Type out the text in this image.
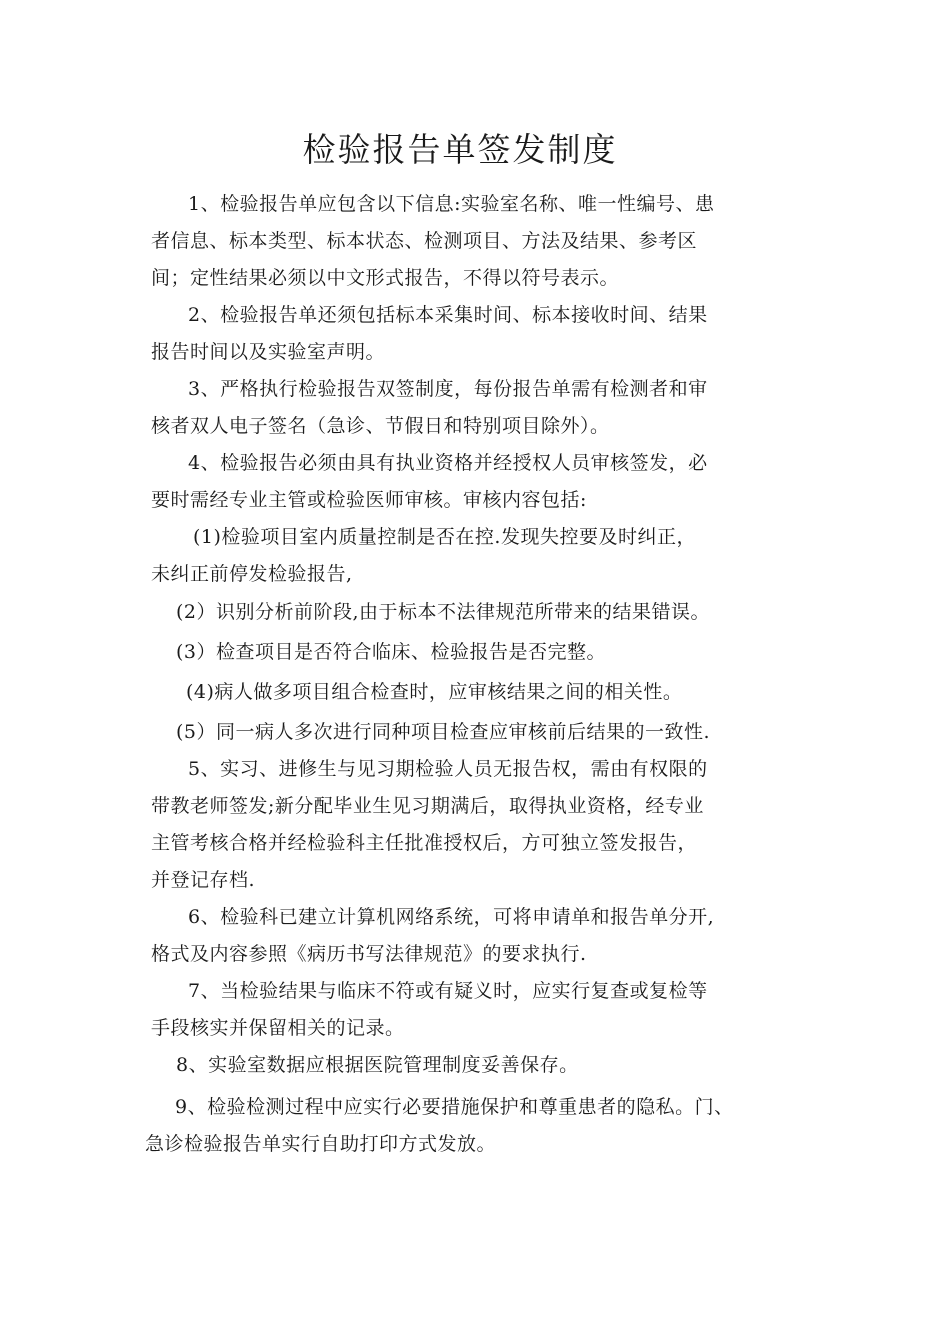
检验报告单签发制度
1、检验报告单应包含以下信息:实验室名称、唯一性编号、患
者信息、标本类型、标本状态、检测项目、方法及结果、参考区
间；定性结果必须以中文形式报告，不得以符号表示。
2、检验报告单还须包括标本采集时间、标本接收时间、结果
报告时间以及实验室声明。
3、严格执行检验报告双签制度，每份报告单需有检测者和审
核者双人电子签名（急诊、节假日和特别项目除外）。
4、检验报告必须由具有执业资格并经授权人员审核签发，必
要时需经专业主管或检验医师审核。审核内容包括:
(1)检验项目室内质量控制是否在控.发现失控要及时纠正，
未纠正前停发检验报告,
(2）识别分析前阶段,由于标本不法律规范所带来的结果错误。
(3）检查项目是否符合临床、检验报告是否完整。
(4)病人做多项目组合检查时，应审核结果之间的相关性。
(5）同一病人多次进行同种项目检查应审核前后结果的一致性.
5、实习、进修生与见习期检验人员无报告权，需由有权限的
带教老师签发;新分配毕业生见习期满后，取得执业资格，经专业
主管考核合格并经检验科主任批准授权后，方可独立签发报告，
并登记存档.
6、检验科已建立计算机网络系统，可将申请单和报告单分开,
格式及内容参照《病历书写法律规范》的要求执行.
7、当检验结果与临床不符或有疑义时，应实行复查或复检等
手段核实并保留相关的记录。
8、实验室数据应根据医院管理制度妥善保存。
9、检验检测过程中应实行必要措施保护和尊重患者的隐私。门、
急诊检验报告单实行自助打印方式发放。
